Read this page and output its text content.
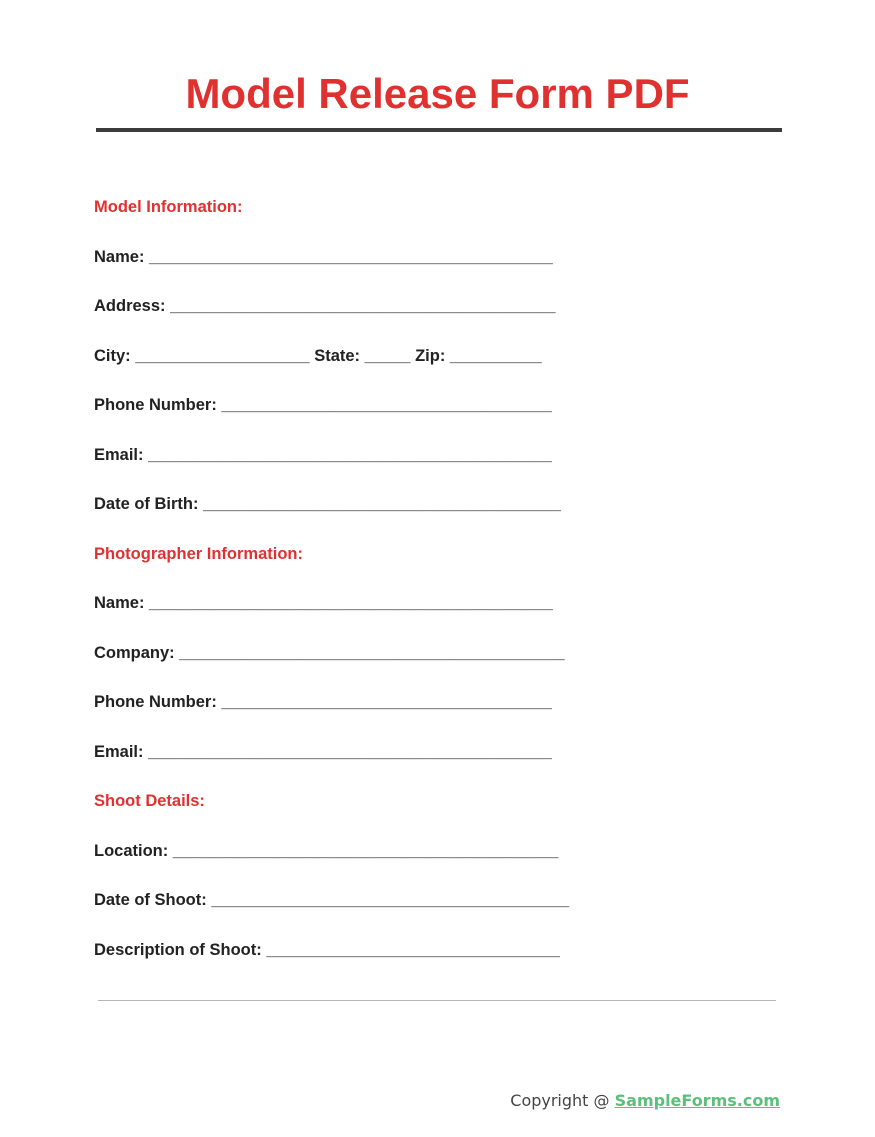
Model Release Form PDF
Model Information:
Name: ____________________________________________
Address: __________________________________________
City: ___________________ State: _____ Zip: __________
Phone Number: ____________________________________
Email: ____________________________________________
Date of Birth: _______________________________________
Photographer Information:
Name: ____________________________________________
Company: __________________________________________
Phone Number: ____________________________________
Email: ____________________________________________
Shoot Details:
Location: __________________________________________
Date of Shoot: _______________________________________
Description of Shoot: ________________________________
Copyright @ SampleForms.com
